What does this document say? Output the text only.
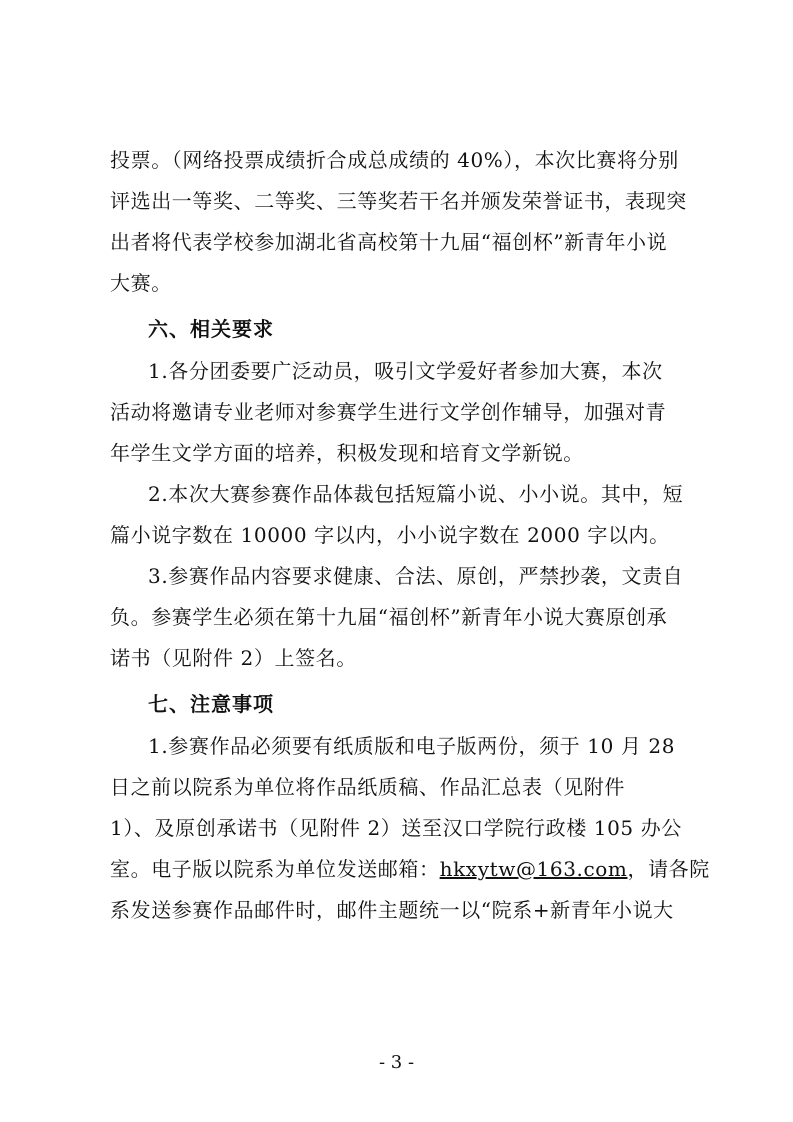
投票。（网络投票成绩折合成总成绩的 40%），本次比赛将分别
评选出一等奖、二等奖、三等奖若干名并颁发荣誉证书，表现突
出者将代表学校参加湖北省高校第十九届“福创杯”新青年小说
大赛。
六、相关要求
1.各分团委要广泛动员，吸引文学爱好者参加大赛，本次
活动将邀请专业老师对参赛学生进行文学创作辅导，加强对青
年学生文学方面的培养，积极发现和培育文学新锐。
2.本次大赛参赛作品体裁包括短篇小说、小小说。其中，短
篇小说字数在 10000 字以内，小小说字数在 2000 字以内。
3.参赛作品内容要求健康、合法、原创，严禁抄袭，文责自
负。参赛学生必须在第十九届“福创杯”新青年小说大赛原创承
诺书（见附件 2）上签名。
七、注意事项
1.参赛作品必须要有纸质版和电子版两份，须于 10 月 28
日之前以院系为单位将作品纸质稿、作品汇总表（见附件
1）、及原创承诺书（见附件 2）送至汉口学院行政楼 105 办公
室。电子版以院系为单位发送邮箱：hkxytw@163.com，请各院
系发送参赛作品邮件时，邮件主题统一以“院系+新青年小说大
- 3 -
